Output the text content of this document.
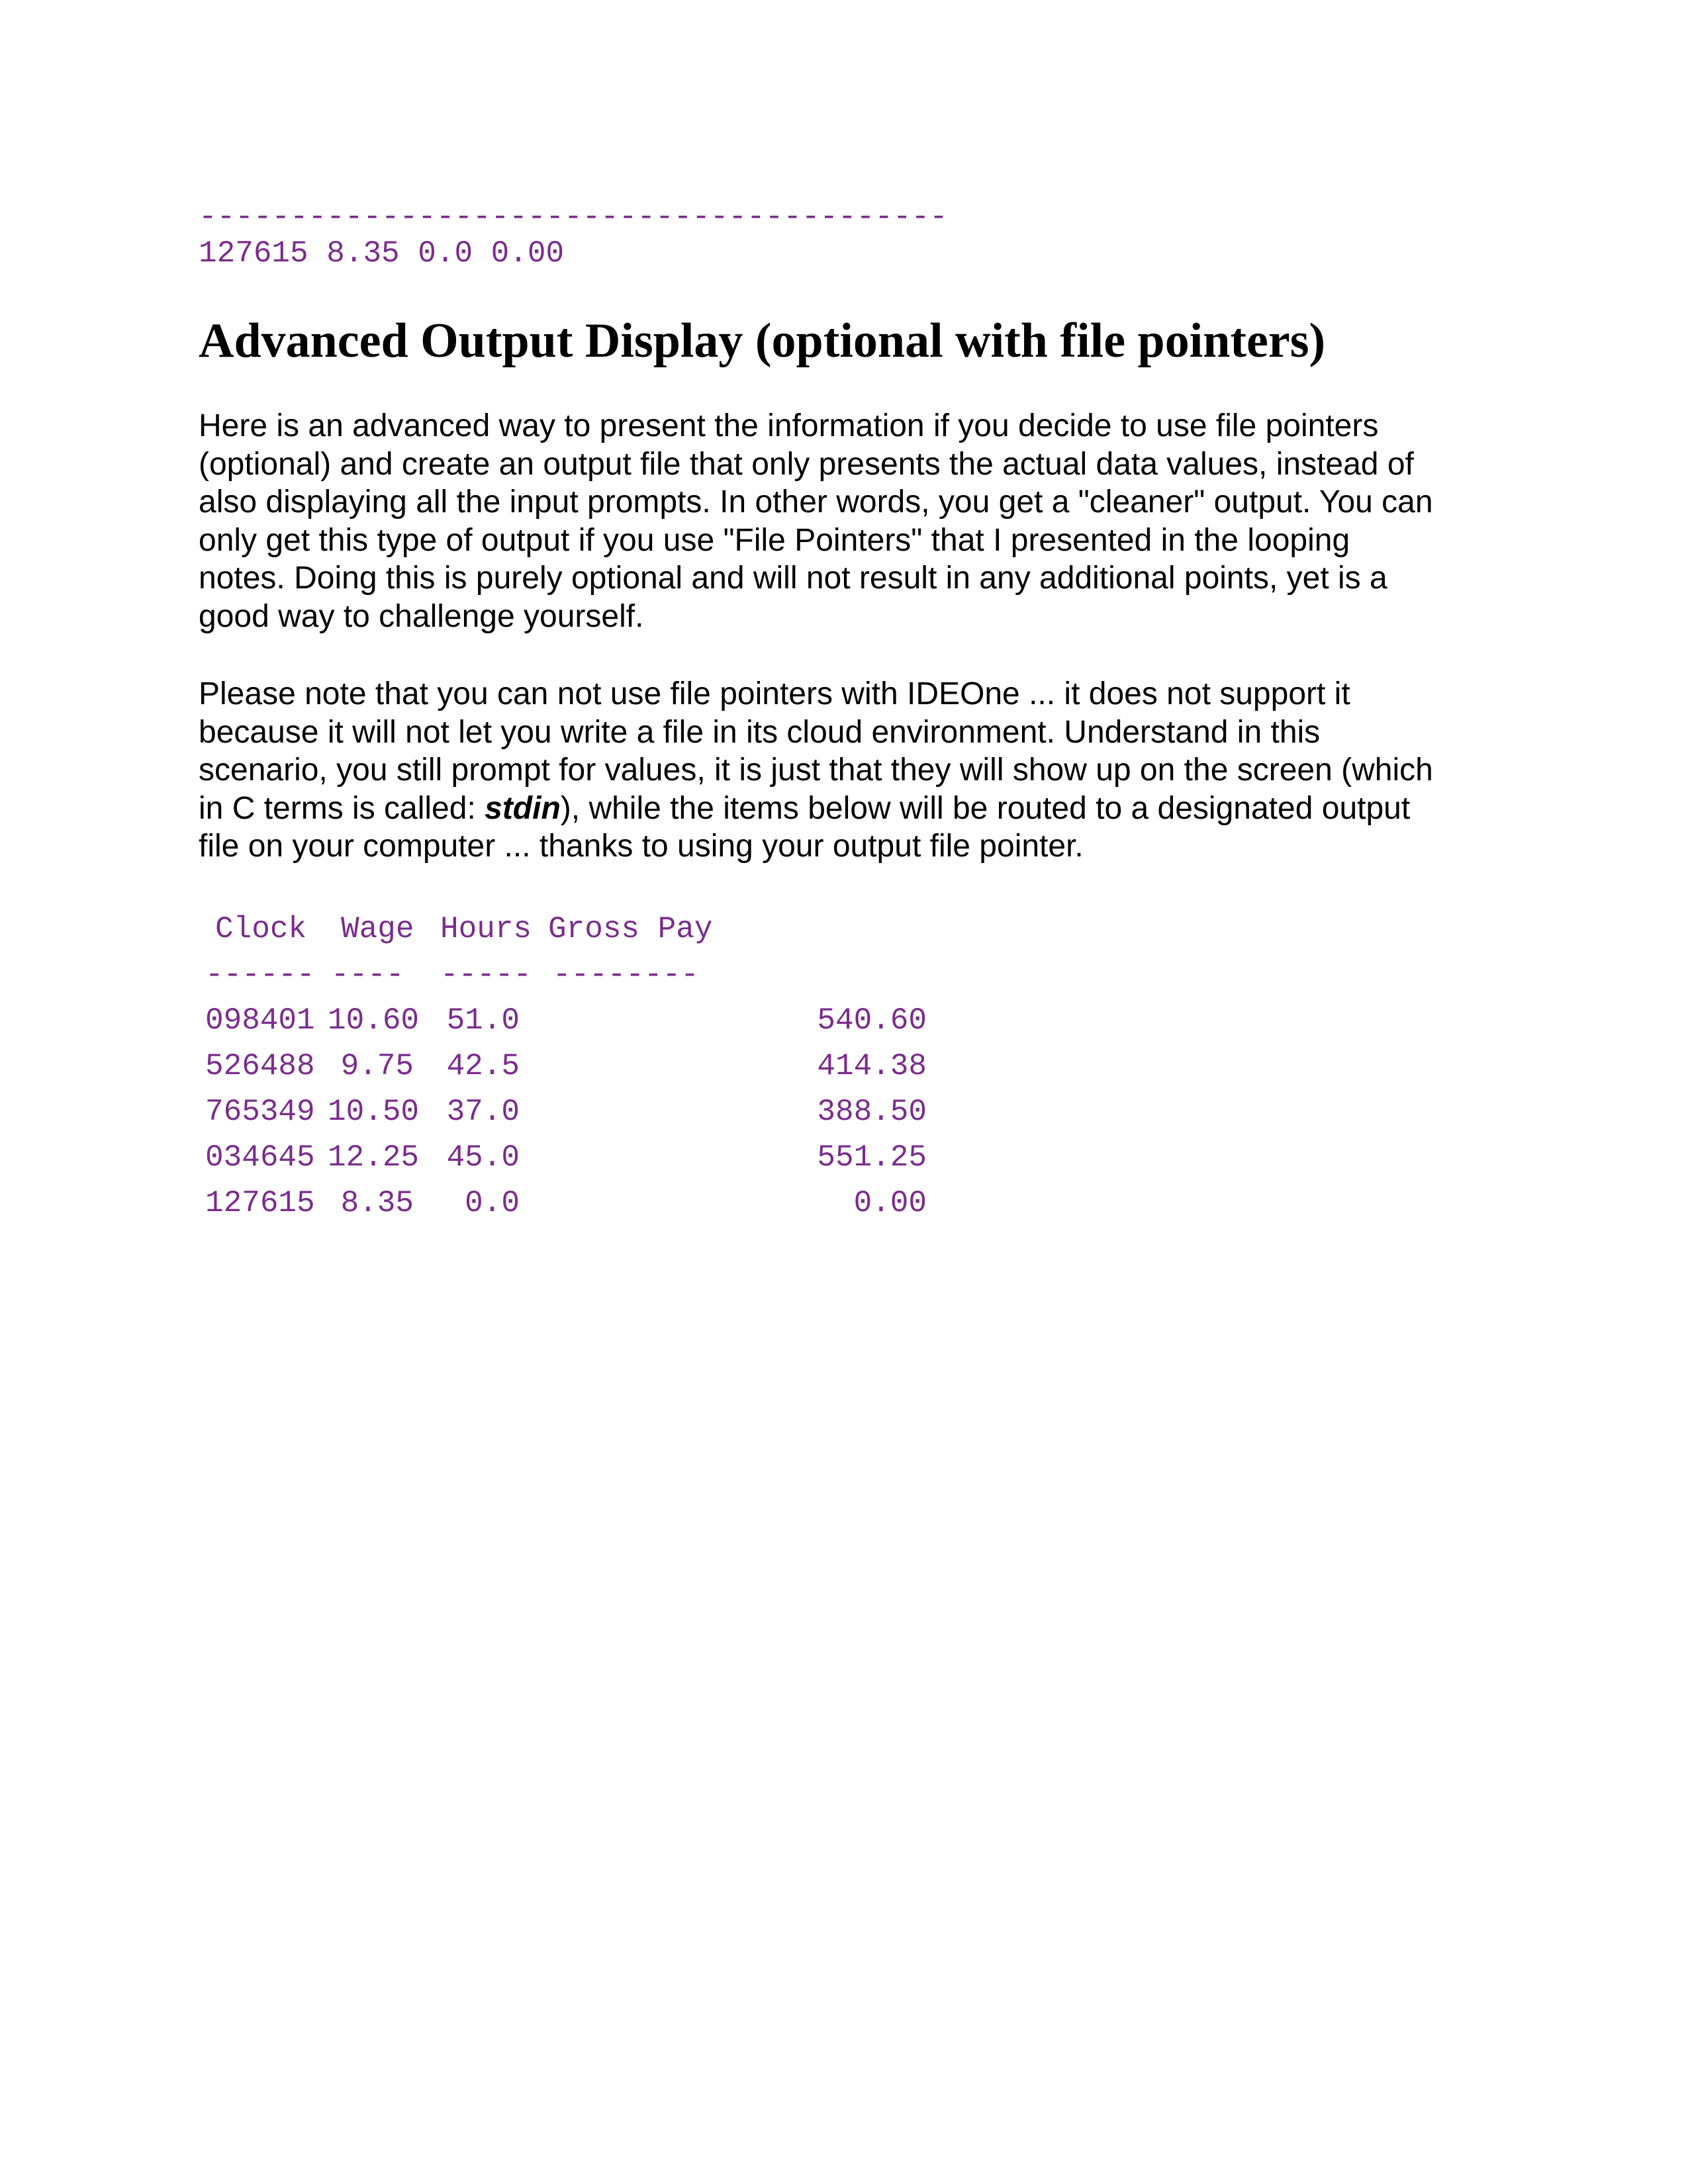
-----------------------------------------
127615 8.35 0.0 0.00
Advanced Output Display (optional with file pointers)

Here is an advanced way to present the information if you decide to use file pointers
(optional) and create an output file that only presents the actual data values, instead of
also displaying all the input prompts. In other words, you get a "cleaner" output. You can
only get this type of output if you use "File Pointers" that I presented in the looping
notes. Doing this is purely optional and will not result in any additional points, yet is a
good way to challenge yourself.

Please note that you can not use file pointers with IDEOne ... it does not support it
because it will not let you write a file in its cloud environment. Understand in this
scenario, you still prompt for values, it is just that they will show up on the screen (which
in C terms is called: stdin), while the items below will be routed to a designated output
file on your computer ... thanks to using your output file pointer.

Clock Wage Hours Gross Pay
------ ---- ----- --------
098401 10.60 51.0	540.60
526488 9.75	42.5	414.38
765349 10.50 37.0	388.50
034645 12.25 45.0	551.25
127615 8.35	0.0	0.00
